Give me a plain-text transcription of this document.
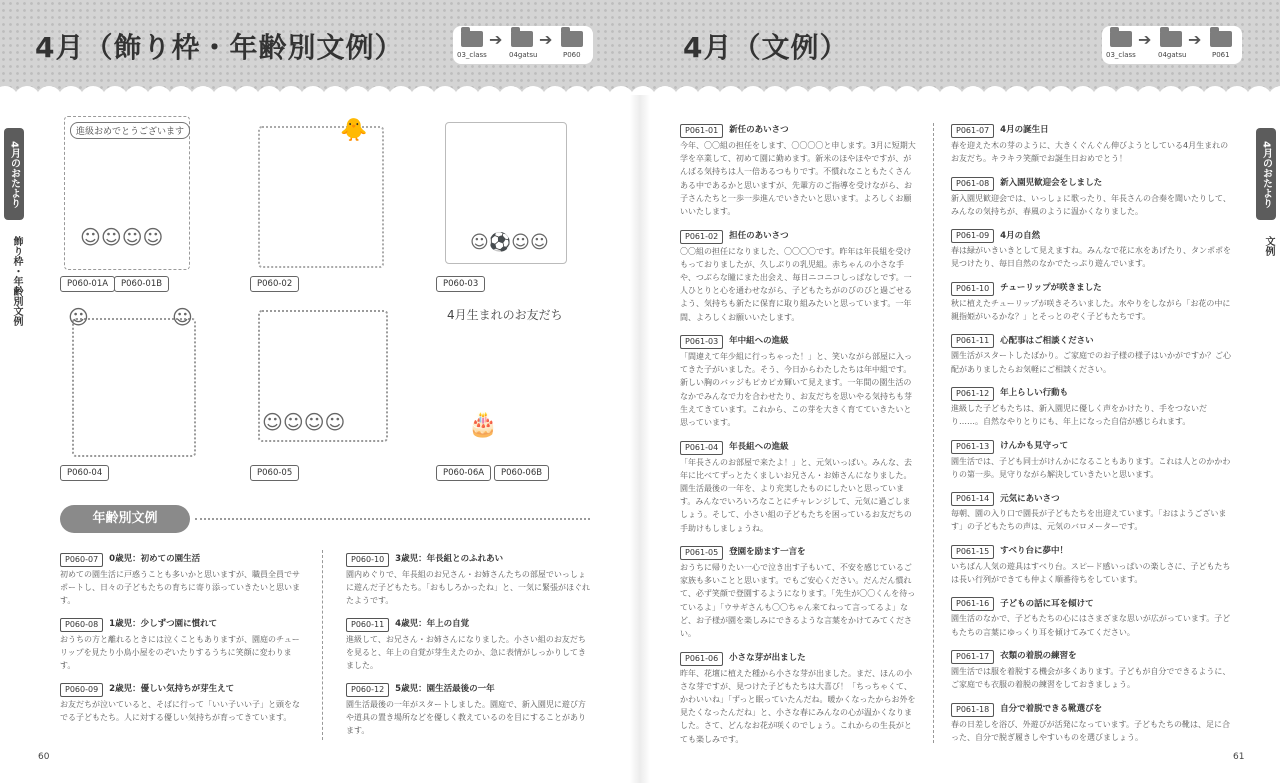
4月（飾り枠・年齢別文例）	➔ ➔
03_class	04gatsu	P060	4月（文例）	➔ ➔
03_class	04gatsu	P061
4月のおたより
飾り枠・年齢別文例
4月のおたより
文例
進級おめでとうございます
☺☺☺☺
🐥
☺⚽☺☺
☺	☺
☺☺☺☺
4月生まれのお友だち
🎂
P060-01A	P060-01B	P060-02	P060-03
P060-04	P060-05	P060-06A	P060-06B
年齢別文例
P060-07	0歳児：初めての園生活
初めての園生活に戸惑うことも多いかと思いますが、職員全員でサポートし、日々の子どもたちの育ちに寄り添っていきたいと思います。
P060-08	1歳児：少しずつ園に慣れて
おうちの方と離れるときには泣くこともありますが、園庭のチューリップを見たり小鳥小屋をのぞいたりするうちに笑顔に変わります。
P060-09	2歳児：優しい気持ちが芽生えて
お友だちが泣いていると、そばに行って「いい子いい子」と頭をなでる子どもたち。人に対する優しい気持ちが育ってきています。
P060-10	3歳児：年長組とのふれあい
園内めぐりで、年長組のお兄さん・お姉さんたちの部屋でいっしょに遊んだ子どもたち。「おもしろかったね」と、一気に緊張がほぐれたようです。
P060-11	4歳児：年上の自覚
進級して、お兄さん・お姉さんになりました。小さい組のお友だちを見ると、年上の自覚が芽生えたのか、急に表情がしっかりしてきました。
P060-12	5歳児：園生活最後の一年
園生活最後の一年がスタートしました。園庭で、新入園児に遊び方や道具の置き場所などを優しく教えているのを目にすることがあります。
60
P061-01	新任のあいさつ
今年、〇〇組の担任をします、〇〇〇〇と申します。3月に短期大学を卒業して、初めて園に勤めます。新米のほやほやですが、がんばる気持ちは人一倍あるつもりです。不慣れなこともたくさんある中であるかと思いますが、先輩方のご指導を受けながら、お子さんたちと一歩一歩進んでいきたいと思います。よろしくお願いいたします。
P061-02	担任のあいさつ
〇〇組の担任になりました、〇〇〇〇です。昨年は年長組を受けもっておりましたが、久しぶりの乳児組。赤ちゃんの小さな手や、つぶらな瞳にまた出会え、毎日ニコニコしっぱなしです。一人ひとりと心を通わせながら、子どもたちがのびのびと過ごせるよう、気持ちも新たに保育に取り組みたいと思っています。一年間、よろしくお願いいたします。
P061-03	年中組への進級
「間違えて年少組に行っちゃった！」と、笑いながら部屋に入ってきた子がいました。そう、今日からわたしたちは年中組です。新しい胸のバッジもピカピカ輝いて見えます。一年間の園生活のなかでみんなで力を合わせたり、お友だちを思いやる気持ちも芽生えてきています。これから、この芽を大きく育てていきたいと思っています。
P061-04	年長組への進級
「年長さんのお部屋で来たよ！」と、元気いっぱい。みんな、去年に比べてずっとたくましいお兄さん・お姉さんになりました。園生活最後の一年を、より充実したものにしたいと思っています。みんなでいろいろなことにチャレンジして、元気に過ごしましょう。そして、小さい組の子どもたちを困っているお友だちの手助けもしましょうね。
P061-05	登園を励ます一言を
おうちに帰りたい一心で泣き出す子もいて、不安を感じているご家族も多いことと思います。でもご安心ください。だんだん慣れて、必ず笑顔で登園するようになります。「先生が〇〇くんを待っているよ」「ウサギさんも〇〇ちゃん来てねって言ってるよ」など、お子様が園を楽しみにできるような言葉をかけてみてください。
P061-06	小さな芽が出ました
昨年、花壇に植えた種から小さな芽が出ました。まだ、ほんの小さな芽ですが、見つけた子どもたちは大喜び！「ちっちゃくて、かわいいね」「ずっと眠っていたんだね。暖かくなったからお外を見たくなったんだね」と、小さな春にみんなの心が温かくなりました。さて、どんなお花が咲くのでしょう。これからの生長がとても楽しみです。
P061-07	4月の誕生日
春を迎えた木の芽のように、大きくぐんぐん伸びようとしている4月生まれのお友だち。キラキラ笑顔でお誕生日おめでとう！
P061-08	新入園児歓迎会をしました
新入園児歓迎会では、いっしょに歌ったり、年長さんの合奏を聞いたりして、みんなの気持ちが、春風のように温かくなりました。
P061-09	4月の自然
春は緑がいきいきとして見えますね。みんなで花に水をあげたり、タンポポを見つけたり、毎日自然のなかでたっぷり遊んでいます。
P061-10	チューリップが咲きました
秋に植えたチューリップが咲きそろいました。水やりをしながら「お花の中に親指姫がいるかな？」とそっとのぞく子どもたちです。
P061-11	心配事はご相談ください
園生活がスタートしたばかり。ご家庭でのお子様の様子はいかがですか？ご心配がありましたらお気軽にご相談ください。
P061-12	年上らしい行動も
進級した子どもたちは、新入園児に優しく声をかけたり、手をつないだり……。自然なやりとりにも、年上になった自信が感じられます。
P061-13	けんかも見守って
園生活では、子ども同士がけんかになることもあります。これは人とのかかわりの第一歩。見守りながら解決していきたいと思います。
P061-14	元気にあいさつ
毎朝、園の入り口で園長が子どもたちを出迎えています。「おはようございます」の子どもたちの声は、元気のバロメーターです。
P061-15	すべり台に夢中！
いちばん人気の遊具はすべり台。スピード感いっぱいの楽しさに、子どもたちは長い行列ができても仲よく順番待ちをしています。
P061-16	子どもの話に耳を傾けて
園生活のなかで、子どもたちの心にはさまざまな思いが広がっています。子どもたちの言葉にゆっくり耳を傾けてみてください。
P061-17	衣類の着脱の練習を
園生活では服を着脱する機会が多くあります。子どもが自分でできるように、ご家庭でも衣服の着脱の練習をしておきましょう。
P061-18	自分で着脱できる靴選びを
春の日差しを浴び、外遊びが活発になっています。子どもたちの靴は、足に合った、自分で脱ぎ履きしやすいものを選びましょう。
61
